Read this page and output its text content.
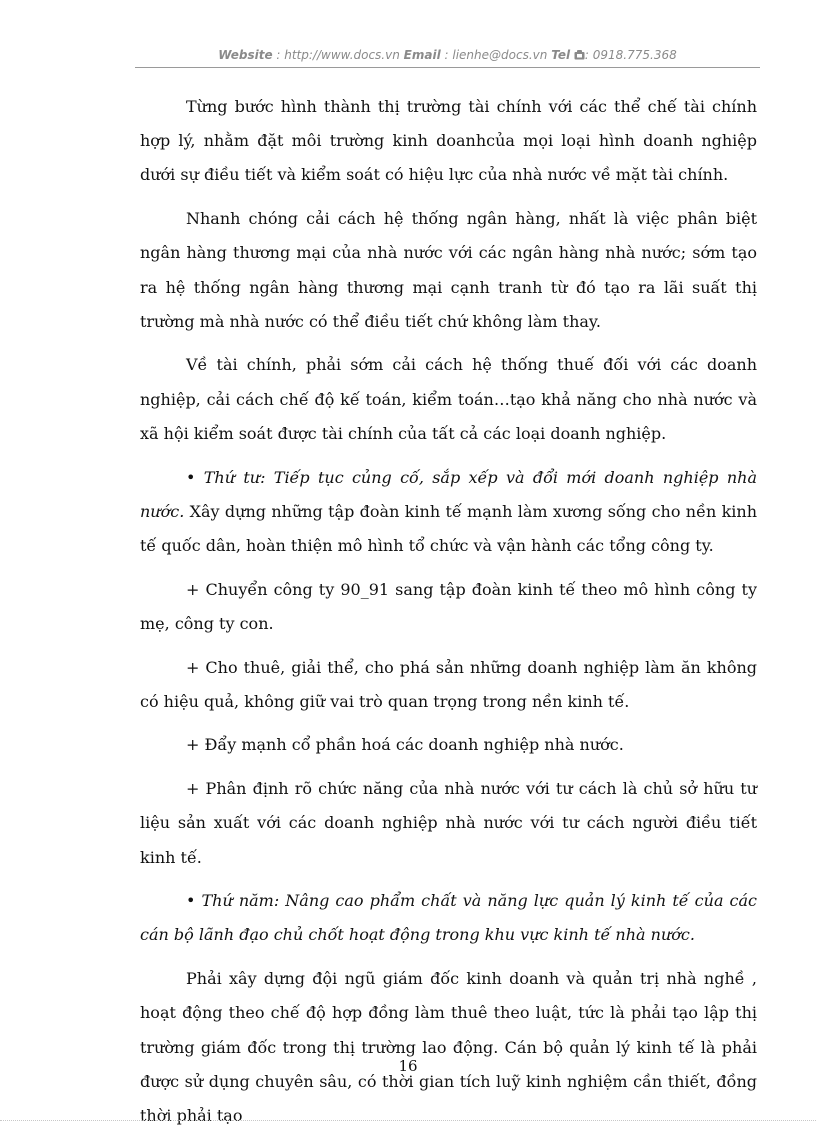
Website : http://www.docs.vn Email : lienhe@docs.vn Tel : 0918.775.368

Từng bước hình thành thị trường tài chính với các thể chế tài chính hợp lý, nhằm đặt môi trường kinh doanhcủa mọi loại hình doanh nghiệp dưới sự điều tiết và kiểm soát có hiệu lực của nhà nước về mặt tài chính.

Nhanh chóng cải cách hệ thống ngân hàng, nhất là việc phân biệt ngân hàng thương mại của nhà nước với các ngân hàng nhà nước; sớm tạo ra hệ thống ngân hàng thương mại cạnh tranh từ đó tạo ra lãi suất thị trường mà nhà nước có thể điều tiết chứ không làm thay.

Về tài chính, phải sớm cải cách hệ thống thuế đối với các doanh nghiệp, cải cách chế độ kế toán, kiểm toán…tạo khả năng cho nhà nước và xã hội kiểm soát được tài chính của tất cả các loại doanh nghiệp.

• Thứ tư: Tiếp tục củng cố, sắp xếp và đổi mới doanh nghiệp nhà nước. Xây dựng những tập đoàn kinh tế mạnh làm xương sống cho nền kinh tế quốc dân, hoàn thiện mô hình tổ chức và vận hành các tổng công ty.

+ Chuyển công ty 90_91 sang tập đoàn kinh tế theo mô hình công ty mẹ, công ty con.

+ Cho thuê, giải thể, cho phá sản những doanh nghiệp làm ăn không có hiệu quả, không giữ vai trò quan trọng trong nền kinh tế.

+ Đẩy mạnh cổ phần hoá các doanh nghiệp nhà nước.

+ Phân định rõ chức năng của nhà nước với tư cách là chủ sở hữu tư liệu sản xuất với các doanh nghiệp nhà nước với tư cách người điều tiết kinh tế.

• Thứ năm: Nâng cao phẩm chất và năng lực quản lý kinh tế của các cán bộ lãnh đạo chủ chốt hoạt động trong khu vực kinh tế nhà nước.

Phải xây dựng đội ngũ giám đốc kinh doanh và quản trị nhà nghề , hoạt động theo chế độ hợp đồng làm thuê theo luật, tức là phải tạo lập thị trường giám đốc trong thị trường lao động. Cán bộ quản lý kinh tế là phải được sử dụng chuyên sâu, có thời gian tích luỹ kinh nghiệm cần thiết, đồng thời phải tạo

16
